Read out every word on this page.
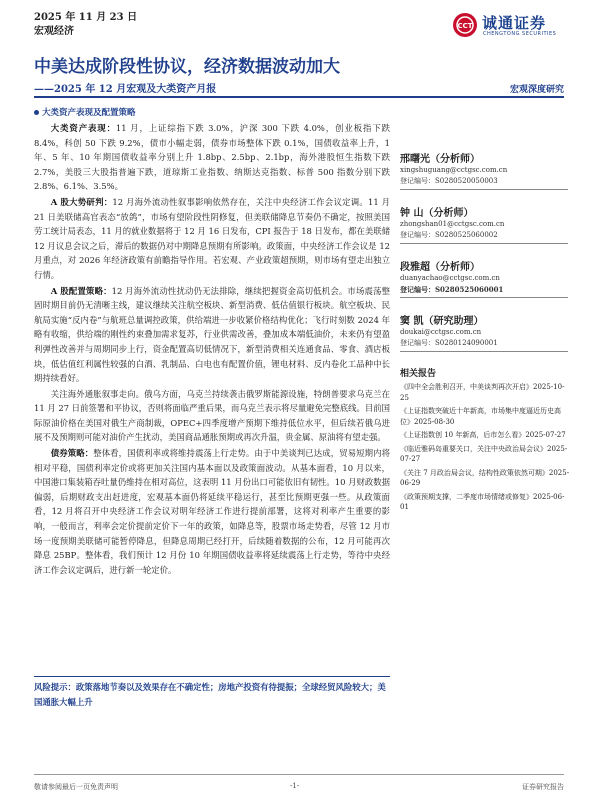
2025 年 11 月 23 日
宏观经济	CCT 诚通证券
CHENGTONG SECURITIES
中美达成阶段性协议，经济数据波动加大
——2025 年 12 月宏观及大类资产月报	宏观深度研究
大类资产表现及配置策略

大类资产表现：11 月，上证综指下跌 3.0%，沪深 300 下跌 4.0%，创业板指下跌 8.4%，科创 50 下跌 9.2%，债市小幅走弱，债券市场整体下跌 0.1%，国债收益率上升，1 年、5 年、10 年期国债收益率分别上升 1.8bp、2.5bp、2.1bp，海外港股恒生指数下跌 2.7%，美股三大股指普遍下跌，道琼斯工业指数、纳斯达克指数、标普 500 指数分别下跌 2.8%、6.1%、3.5%。

A 股大势研判：12 月海外流动性叙事影响依然存在，关注中央经济工作会议定调。11 月 21 日美联储高官表态“放鸽”，市场有望阶段性阴修复，但美联储降息节奏仍不确定，按照美国劳工统计局表态，11 月的就业数据将于 12 月 16 日发布，CPI 报告于 18 日发布，都在美联储 12 月议息会议之后，滞后的数据仍对中期降息预期有所影响。政策面，中央经济工作会议是 12 月重点，对 2026 年经济政策有前瞻指导作用。若宏观、产业政策超预期，则市场有望走出独立行情。

A 股配置策略：12 月海外流动性扰动仍无法排除，继续把握资金高切低机会。市场震荡整固时期目前仍无清晰主线，建议继续关注航空板块、新型消费、低估值银行板块。航空板块、民航局实施“反内卷”与航班总量调控政策，供给端进一步收紧价格结构优化；飞行时刻数 2024 年略有收缩，供给端的刚性约束叠加需求复苏，行业供需改善，叠加成本端低油价，未来仍有望盈利弹性改善并与周期同步上行，资金配置高切低情况下，新型消费相关连通食品、零食、酒店板块，低估值红利属性较强的白酒、乳制品、白电也有配置价值，锂电材料、反内卷化工品种中长期持续看好。

关注海外通胀叙事走向。俄乌方面，乌克兰持续袭击俄罗斯能源设施，特朗普要求乌克兰在 11 月 27 日前签署和平协议，否则将面临严重后果，而乌克兰表示将尽量避免完整底线。目前国际原油价格在美国对俄生产商制裁，OPEC+四季度增产预期下维持低位水平，但后续若俄乌进展不及预期则可能对油价产生扰动，美国商品通胀预期或再次升温，贵金属、原油将有望走强。

债券策略：整体看，国债利率或将维持震荡上行走势。由于中美谈判已达成，贸易短期内将相对平稳，国债利率定价或将更加关注国内基本面以及政策面波动。从基本面看，10 月以来，中国港口集装箱吞吐量仍维持在相对高位，这表明 11 月份出口可能依旧有韧性。10 月财政数据偏弱，后期财政支出赶进度，宏观基本面仍将延续平稳运行，甚至比预期更强一些。从政策面看，12 月将召开中央经济工作会议对明年经济工作进行提前部署，这将对利率产生重要的影响，一般而言，利率会定价提前定价下一年的政策，如降息等，股票市场走势看，尽管 12 月市场一度预期美联储可能暂停降息，但降息周期已经打开，后续随着数据的公布，12 月可能再次降息 25BP。整体看，我们预计 12 月份 10 年期国债收益率将延续震荡上行走势，等待中央经济工作会议定调后，进行新一轮定价。

风险提示：政策落地节奏以及效果存在不确定性；房地产投资有待提振；全球经贸风险较大；美国通胀大幅上升
邢曙光（分析师）
xingshuguang@cctgsc.com.cn
登记编号：S0280520050003
钟 山（分析师）
zhongshan01@cctgsc.com.cn
登记编号：S0280525060002
段雅超（分析师）
duanyachao@cctgsc.com.cn
登记编号：S0280525060001
窦 凯（研究助理）
doukai@cctgsc.com.cn
登记编号：S0280124090001
相关报告
《四中全会胜利召开，中美谈判再次开启》2025-10-25
《上证指数突破近十年新高，市场集中度逼近历史高位》2025-08-30
《上证指数创 10 年新高，后市怎么看》2025-07-27
《临近雅码岛重要关口，关注中央政治局会议》2025-07-27
《关注 7 月政治局会议，结构性政策依然可期》2025-06-29
《政策预期支撑，二季度市场情绪或修复》2025-06-01
敬请参阅最后一页免责声明	-1-	证券研究报告
